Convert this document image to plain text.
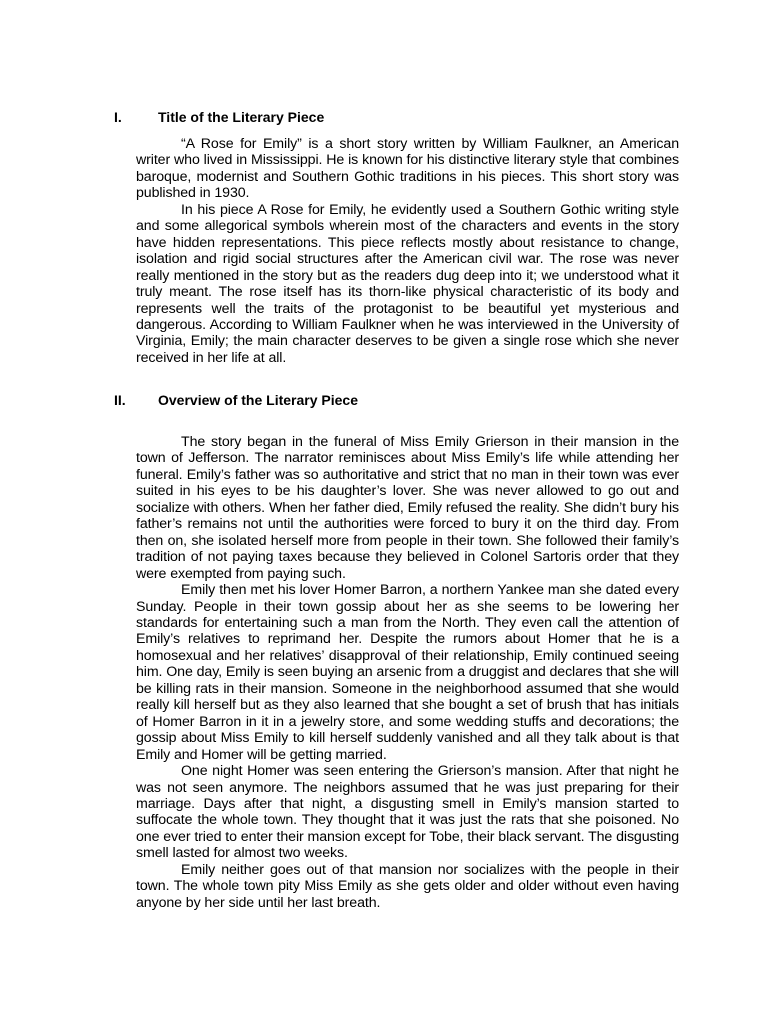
I.	Title of the Literary Piece

“A Rose for Emily” is a short story written by William Faulkner, an American writer who lived in Mississippi. He is known for his distinctive literary style that combines baroque, modernist and Southern Gothic traditions in his pieces. This short story was published in 1930.

In his piece A Rose for Emily, he evidently used a Southern Gothic writing style and some allegorical symbols wherein most of the characters and events in the story have hidden representations. This piece reflects mostly about resistance to change, isolation and rigid social structures after the American civil war. The rose was never really mentioned in the story but as the readers dug deep into it; we understood what it truly meant. The rose itself has its thorn-like physical characteristic of its body and represents well the traits of the protagonist to be beautiful yet mysterious and dangerous. According to William Faulkner when he was interviewed in the University of Virginia, Emily; the main character deserves to be given a single rose which she never received in her life at all.

II. Overview of the Literary Piece

The story began in the funeral of Miss Emily Grierson in their mansion in the town of Jefferson. The narrator reminisces about Miss Emily’s life while attending her funeral. Emily’s father was so authoritative and strict that no man in their town was ever suited in his eyes to be his daughter’s lover. She was never allowed to go out and socialize with others. When her father died, Emily refused the reality. She didn’t bury his father’s remains not until the authorities were forced to bury it on the third day. From then on, she isolated herself more from people in their town. She followed their family’s tradition of not paying taxes because they believed in Colonel Sartoris order that they were exempted from paying such.

Emily then met his lover Homer Barron, a northern Yankee man she dated every Sunday. People in their town gossip about her as she seems to be lowering her standards for entertaining such a man from the North. They even call the attention of Emily’s relatives to reprimand her. Despite the rumors about Homer that he is a homosexual and her relatives’ disapproval of their relationship, Emily continued seeing him. One day, Emily is seen buying an arsenic from a druggist and declares that she will be killing rats in their mansion. Someone in the neighborhood assumed that she would really kill herself but as they also learned that she bought a set of brush that has initials of Homer Barron in it in a jewelry store, and some wedding stuffs and decorations; the gossip about Miss Emily to kill herself suddenly vanished and all they talk about is that Emily and Homer will be getting married.

One night Homer was seen entering the Grierson’s mansion. After that night he was not seen anymore. The neighbors assumed that he was just preparing for their marriage. Days after that night, a disgusting smell in Emily’s mansion started to suffocate the whole town. They thought that it was just the rats that she poisoned. No one ever tried to enter their mansion except for Tobe, their black servant. The disgusting smell lasted for almost two weeks.

Emily neither goes out of that mansion nor socializes with the people in their town. The whole town pity Miss Emily as she gets older and older without even having anyone by her side until her last breath.
